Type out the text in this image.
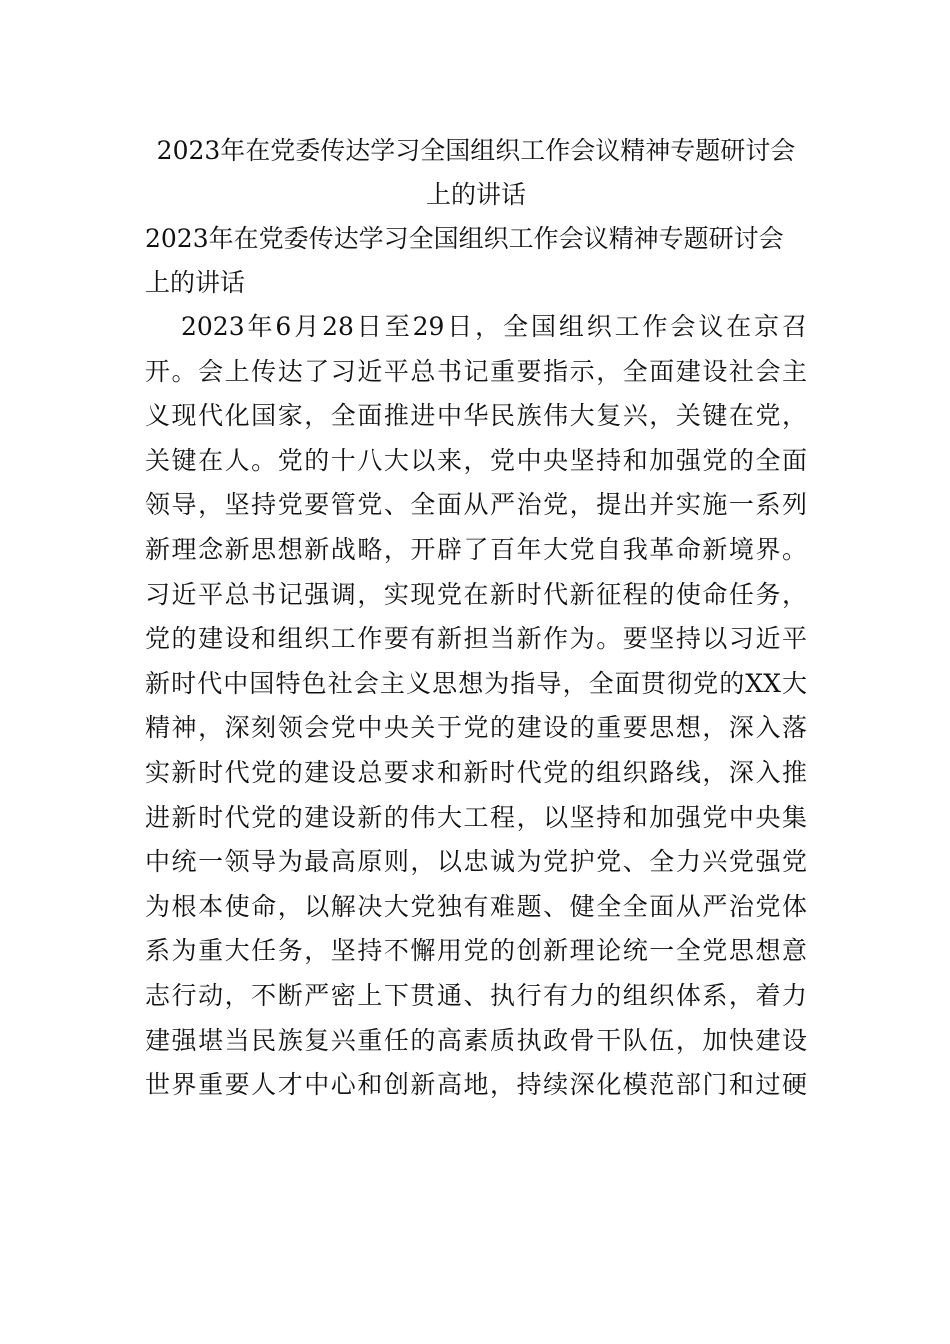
2023年在党委传达学习全国组织工作会议精神专题研讨会
上的讲话
2023年在党委传达学习全国组织工作会议精神专题研讨会
上的讲话
2023年6月28日至29日，全国组织工作会议在京召
开。会上传达了习近平总书记重要指示，全面建设社会主
义现代化国家，全面推进中华民族伟大复兴，关键在党，
关键在人。党的十八大以来，党中央坚持和加强党的全面
领导，坚持党要管党、全面从严治党，提出并实施一系列
新理念新思想新战略，开辟了百年大党自我革命新境界。
习近平总书记强调，实现党在新时代新征程的使命任务，
党的建设和组织工作要有新担当新作为。要坚持以习近平
新时代中国特色社会主义思想为指导，全面贯彻党的XX大
精神，深刻领会党中央关于党的建设的重要思想，深入落
实新时代党的建设总要求和新时代党的组织路线，深入推
进新时代党的建设新的伟大工程，以坚持和加强党中央集
中统一领导为最高原则，以忠诚为党护党、全力兴党强党
为根本使命，以解决大党独有难题、健全全面从严治党体
系为重大任务，坚持不懈用党的创新理论统一全党思想意
志行动，不断严密上下贯通、执行有力的组织体系，着力
建强堪当民族复兴重任的高素质执政骨干队伍，加快建设
世界重要人才中心和创新高地，持续深化模范部门和过硬
